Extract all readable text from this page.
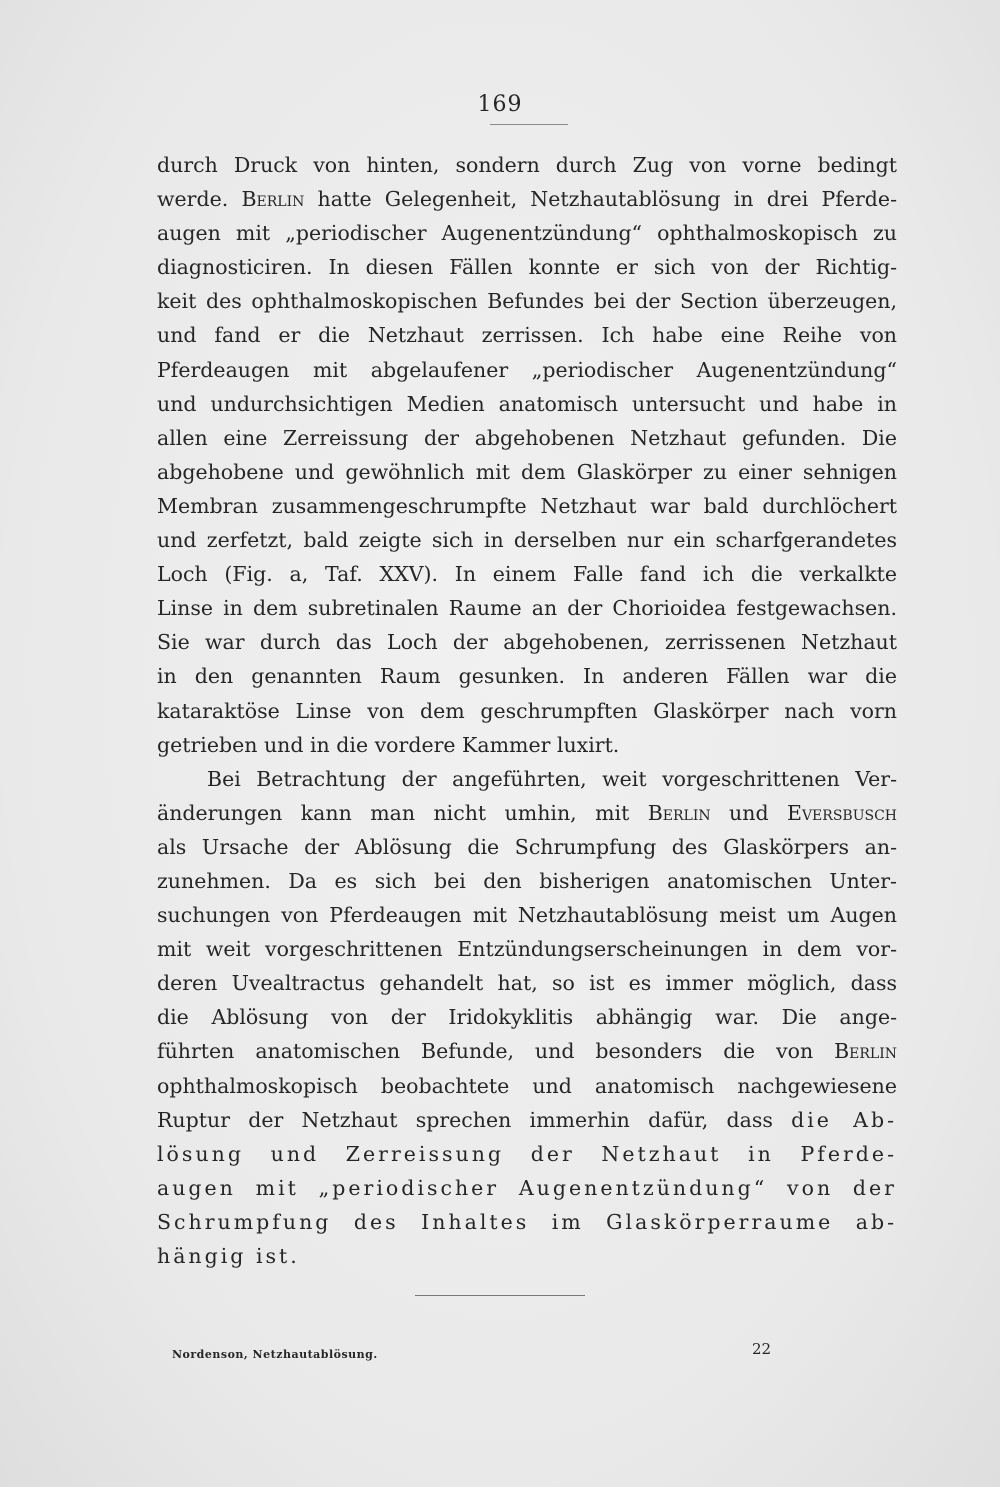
169
durch Druck von hinten, sondern durch Zug von vorne bedingt
werde. Berlin hatte Gelegenheit, Netzhautablösung in drei Pferde-
augen mit „periodischer Augenentzündung“ ophthalmoskopisch zu
diagnosticiren. In diesen Fällen konnte er sich von der Richtig-
keit des ophthalmoskopischen Befundes bei der Section überzeugen,
und fand er die Netzhaut zerrissen. Ich habe eine Reihe von
Pferdeaugen mit abgelaufener „periodischer Augenentzündung“
und undurchsichtigen Medien anatomisch untersucht und habe in
allen eine Zerreissung der abgehobenen Netzhaut gefunden. Die
abgehobene und gewöhnlich mit dem Glaskörper zu einer sehnigen
Membran zusammengeschrumpfte Netzhaut war bald durchlöchert
und zerfetzt, bald zeigte sich in derselben nur ein scharfgerandetes
Loch (Fig. a, Taf. XXV). In einem Falle fand ich die verkalkte
Linse in dem subretinalen Raume an der Chorioidea festgewachsen.
Sie war durch das Loch der abgehobenen, zerrissenen Netzhaut
in den genannten Raum gesunken. In anderen Fällen war die
kataraktöse Linse von dem geschrumpften Glaskörper nach vorn
getrieben und in die vordere Kammer luxirt.
Bei Betrachtung der angeführten, weit vorgeschrittenen Ver-
änderungen kann man nicht umhin, mit Berlin und Eversbusch
als Ursache der Ablösung die Schrumpfung des Glaskörpers an-
zunehmen. Da es sich bei den bisherigen anatomischen Unter-
suchungen von Pferdeaugen mit Netzhautablösung meist um Augen
mit weit vorgeschrittenen Entzündungserscheinungen in dem vor-
deren Uvealtractus gehandelt hat, so ist es immer möglich, dass
die Ablösung von der Iridokyklitis abhängig war. Die ange-
führten anatomischen Befunde, und besonders die von Berlin
ophthalmoskopisch beobachtete und anatomisch nachgewiesene
Ruptur der Netzhaut sprechen immerhin dafür, dass die Ab-
lösung und Zerreissung der Netzhaut in Pferde-
augen mit „periodischer Augenentzündung“ von der
Schrumpfung des Inhaltes im Glaskörperraume ab-
hängig ist.
Nordenson, Netzhautablösung.	22
